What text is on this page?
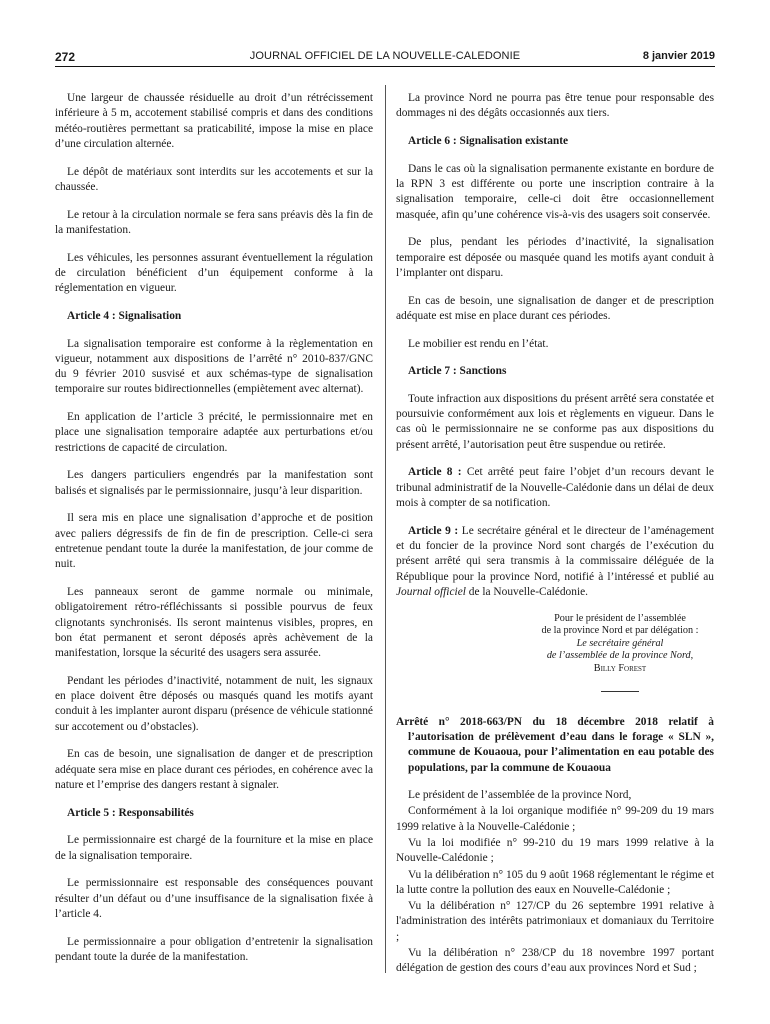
272	JOURNAL OFFICIEL DE LA NOUVELLE-CALEDONIE	8 janvier 2019

Une largeur de chaussée résiduelle au droit d’un rétrécissement inférieure à 5 m, accotement stabilisé compris et dans des conditions météo-routières permettant sa praticabilité, impose la mise en place d’une circulation alternée.

Le dépôt de matériaux sont interdits sur les accotements et sur la chaussée.

Le retour à la circulation normale se fera sans préavis dès la fin de la manifestation.

Les véhicules, les personnes assurant éventuellement la régulation de circulation bénéficient d’un équipement conforme à la réglementation en vigueur.

Article 4 : Signalisation

La signalisation temporaire est conforme à la règlementation en vigueur, notamment aux dispositions de l’arrêté n° 2010-837/GNC du 9 février 2010 susvisé et aux schémas-type de signalisation temporaire sur routes bidirectionnelles (empiètement avec alternat).

En application de l’article 3 précité, le permissionnaire met en place une signalisation temporaire adaptée aux perturbations et/ou restrictions de capacité de circulation.

Les dangers particuliers engendrés par la manifestation sont balisés et signalisés par le permissionnaire, jusqu’à leur disparition.

Il sera mis en place une signalisation d’approche et de position avec paliers dégressifs de fin de fin de prescription. Celle-ci sera entretenue pendant toute la durée la manifestation, de jour comme de nuit.

Les panneaux seront de gamme normale ou minimale, obligatoirement rétro-réfléchissants si possible pourvus de feux clignotants synchronisés. Ils seront maintenus visibles, propres, en bon état permanent et seront déposés après achèvement de la manifestation, lorsque la sécurité des usagers sera assurée.

Pendant les périodes d’inactivité, notamment de nuit, les signaux en place doivent être déposés ou masqués quand les motifs ayant conduit à les implanter auront disparu (présence de véhicule stationné sur accotement ou d’obstacles).

En cas de besoin, une signalisation de danger et de prescription adéquate sera mise en place durant ces périodes, en cohérence avec la nature et l’emprise des dangers restant à signaler.

Article 5 : Responsabilités

Le permissionnaire est chargé de la fourniture et la mise en place de la signalisation temporaire.

Le permissionnaire est responsable des conséquences pouvant résulter d’un défaut ou d’une insuffisance de la signalisation fixée à l’article 4.

Le permissionnaire a pour obligation d’entretenir la signalisation pendant toute la durée de la manifestation.

La province Nord ne pourra pas être tenue pour responsable des dommages ni des dégâts occasionnés aux tiers.

Article 6 : Signalisation existante

Dans le cas où la signalisation permanente existante en bordure de la RPN 3 est différente ou porte une inscription contraire à la signalisation temporaire, celle-ci doit être occasionnellement masquée, afin qu’une cohérence vis-à-vis des usagers soit conservée.

De plus, pendant les périodes d’inactivité, la signalisation temporaire est déposée ou masquée quand les motifs ayant conduit à l’implanter ont disparu.

En cas de besoin, une signalisation de danger et de prescription adéquate est mise en place durant ces périodes.

Le mobilier est rendu en l’état.

Article 7 : Sanctions

Toute infraction aux dispositions du présent arrêté sera constatée et poursuivie conformément aux lois et règlements en vigueur. Dans le cas où le permissionnaire ne se conforme pas aux dispositions du présent arrêté, l’autorisation peut être suspendue ou retirée.

Article 8 : Cet arrêté peut faire l’objet d’un recours devant le tribunal administratif de la Nouvelle-Calédonie dans un délai de deux mois à compter de sa notification.

Article 9 : Le secrétaire général et le directeur de l’aménagement et du foncier de la province Nord sont chargés de l’exécution du présent arrêté qui sera transmis à la commissaire déléguée de la République pour la province Nord, notifié à l’intéressé et publié au Journal officiel de la Nouvelle-Calédonie.

Pour le président de l’assemblée
de la province Nord et par délégation :
Le secrétaire général
de l’assemblée de la province Nord,
Billy Forest
Arrêté n° 2018-663/PN du 18 décembre 2018 relatif à l’autorisation de prélèvement d’eau dans le forage « SLN », commune de Kouaoua, pour l’alimentation en eau potable des populations, par la commune de Kouaoua

Le président de l’assemblée de la province Nord,

Conformément à la loi organique modifiée n° 99-209 du 19 mars 1999 relative à la Nouvelle-Calédonie ;

Vu la loi modifiée n° 99-210 du 19 mars 1999 relative à la Nouvelle-Calédonie ;

Vu la délibération n° 105 du 9 août 1968 réglementant le régime et la lutte contre la pollution des eaux en Nouvelle-Calédonie ;

Vu la délibération n° 127/CP du 26 septembre 1991 relative à l'administration des intérêts patrimoniaux et domaniaux du Territoire ;

Vu la délibération n° 238/CP du 18 novembre 1997 portant délégation de gestion des cours d’eau aux provinces Nord et Sud ;
